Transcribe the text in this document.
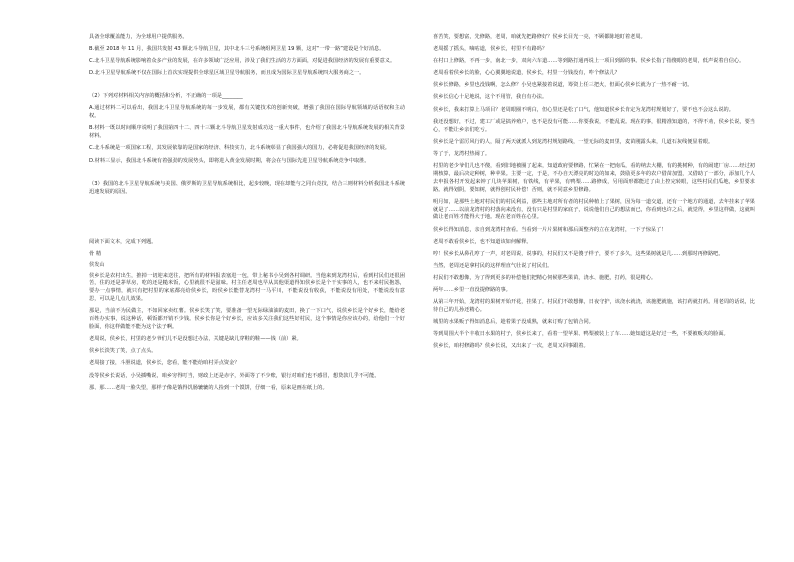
具备全球覆盖能力，为全球用户提供服务。

B.截至 2018 年 11 月，我国共发射 43 颗北斗导航卫星，其中北斗三号系统组网卫星 19 颗，这对“一带一路”建设是个好消息。

C.北斗卫星导航系统影响着众多产业的发展，在许多领域广泛应用，涉及了我们生活的方方面面，对促进我国经济的发展有重要意义。

D.北斗卫星导航系统不仅在国际上首次实现提供全球星区域卫星导航服务，而且成为国际卫星导航系统四大服务商之一。

（2）下列对材料相关内容的概括和分析，不正确的一项是________

A.通过材料二可以看出，我国北斗卫星导航系统的每一步发展，都有关键技术的创新突破，增强了我国在国际导航领域的话语权和主动权。

B.材料一既以时间顺序说明了我国第四十二、四十三颗北斗导航卫星发射成功这一重大事件，也介绍了我国北斗导航系统发展的相关背景材料。

C.北斗系统是一项国家工程，其发展依靠的是国家的经济、科技实力，北斗系统彰显了我国强大的国力，必将促进我国经济的发展。

D.材料三显示，我国北斗系统有着强劲的发展势头，即将进入黄金发展时期，将会在与国际先进卫星导航系统竞争中取胜。

（3）我国的北斗卫星导航系统与美国、俄罗斯的卫星导航系统相比，起步较晚，现在却能与之同台竞技，结合三则材料分析我国北斗系统迅速发展的原因。

阅读下面文本，完成下列题。

骨 精

侯发山

侯乡长是农村出生，推掉一切迎来送往，把所有的材料报表塞进一包，带上秘书小吴到各村调研。当他来到龙湾村后，看到村民们还很困苦，住的还是茅草房，吃的还是糙米饭，心里就很不是滋味。村主任老周也早从其他渠道得知侯乡长是个干实事的人，也不来村民抱怨，要办一点事情，就只有把村里的家底都亮给侯乡长，盼侯乡长能替龙湾村一马平川，不能说没有收获，不能说没有用处，不能说没有意思，可以是几点儿效果。

那是，当前不为民做主，不如回家卖红薯。侯乡长笑了笑，要准备一望无际绿油油的麦田，换了一下口气，说侯乡长是个好乡长，能给老百姓办实事，说这种话，顿饭都开销不少钱。侯乡长你是个好乡长，应该多关注我们这些好村民，这个事情是你应该办的，给他们一个好脸面，你这样做能不能为这个法子啊。

老周说，侯乡长，村里的老少爷们儿不是没想过办法，关键是缺儿穿鞋的鞋——钱（前）紧。

侯乡长淡笑了笑，点了点头。

老周接了接，斗胆说道，侯乡长，您看，能不能给咱村弄点资金？

没等侯乡长说话，小吴插嘴说，咱乡穷得叮当，财政上还是赤字，外面等了不少账，银行对咱们也不感冒，想贷款几乎不可能。

那、那……老周一脸失望，那样子像是饿得饥肠辘辘的人捡到一个馍饼，仔细一看，原来是画在纸上的。

喜苦笑，要想富，先修路，老周，咱就先把路修好？侯乡长目光一亮，不顾都陈地盯着老周。

老周摇了摇头，嘀咕道，侯乡长，村里不有路吗？

在村口上修路，不再一步，南北一步，双向六车道……等到路打通再说上一项目到源的事。侯乡长指了指傻眼的老周，低声说着自信心。

老周看着侯乡长的脸，心心翼翼地说道，侯乡长，村里一分钱没有，咋个修法儿？

侯乡长修路，乡里也没钱啊，怎么修？小吴也紧接着说道，筹资上任三把火，但面心侯乡长就为了一热不耐一切。

侯乡长信心十足地说，这个不用管，我自有办法。

侯乡长，我来打算上马项目？老周眼圈不明白，但心里还是松了口气，他知道侯乡长肯定为龙湾村规划好了，要不也不会这么说的。

我还没想好，不过，建工厂或是搞养殖户，也不是没有可能……你要我说，不能乱说。现在的事，很精准知道的，不得不劝，侯乡长说，要当心，不能让乡亲们吃亏。

侯乡长是个雷厉风行的人，隔了两天就派人到龙湾村规划路线，一望无际的麦田里，麦苗刚露头来，几道石灰线便显着眼。

等了于，龙湾村热闹了。

村里的老少爷们儿也不傻，看到旧地被圈了起来，知道政府要修路，忙紧在一把南瓜，看的纳去大棚，有的挑树种，有的闹建厂房……经过初期核算，最后决定种树，种苹果。主要一定，于是，不办自天漂亮的时边的如来，鼓励更多年的农户借苗加盟，又借助了一部分，添加几个人去申报各村开发起来钟了几块苹果树，有铁线，有苹果，有鸭梨……路修成，另用面形都能过了由上控完转眼，这些村民们瓜地，乡里要求路。就得划阴，要知树，就得创村民补偿！否则，就不同意乡里修路。

明月如，是那些土地对村民们的村民利益，那些主地对所有者的村民种植上了果树，因为每一道交道，还有一个地方的通道，去年挂来了苹果就是了……以前龙湾村的村落向来没有，没有只是村里的家底子，说说他们自己的想法而已，你看到也许之后，就觉得，乡里这样做，这就叫做让老百姓才能得大于地。现在老百姓在心里。

侯乡长得知消息，亲自到龙湾村查看。当看到一片片果树和那后面整齐的立在龙湾村，一下子惊呆了！

老周不敢看侯乡长，也不知道该如何解释。

哼！侯乡长从鼻孔哼了一声，对老周说，说事的，村民们又不是傻子样子，要不了多久，这些果树就是几……到那时再修路吧。

当然，老周还是拿村民的这样理直气壮说了村民们。

村民们不敢想像，为了得到更多的补偿他们把精心伺候那些果苗，浇水、施肥，打药，很是精心。

两年……乡里一直没提修路的事。

从第三年开始，龙湾村的果树开始开花，挂果了。村民们不敢想像，日夜守护，该浇水就浇，该施肥就施，该打药就打药。用老周的话说，比待自己的儿孙还精心。

城里的水果贩子得知消息后，趁着果子没成熟，就来订购了包销合同。

等到周围大半个丰收日水果的村子，侯乡长来了，看着一望苹果、鸭梨被装上了车……她知道这是好过一些，不要被贩夹的脸面。

侯乡长，咱村修路吗？侯乡长说，又出来了一次，老周又回事跟着。
